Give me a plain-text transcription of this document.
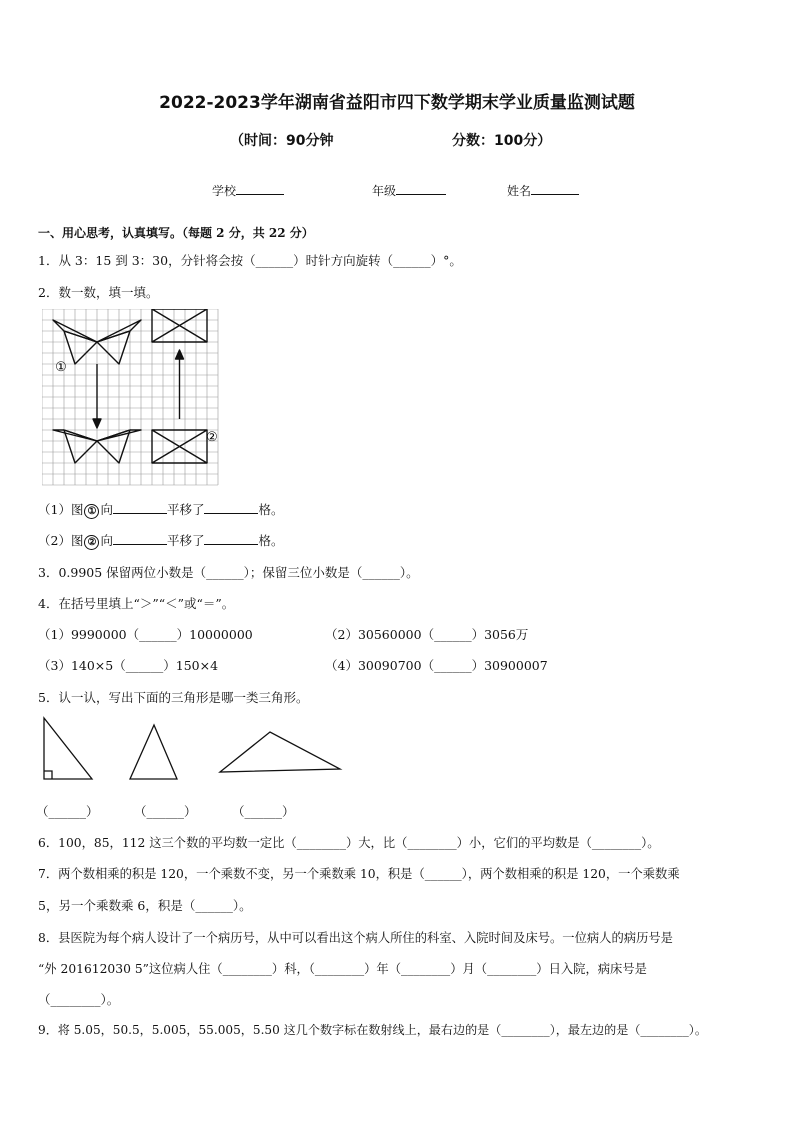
2022-2023学年湖南省益阳市四下数学期末学业质量监测试题
（时间：90分钟	分数：100分）
学校	年级	姓名
一、用心思考，认真填写。（每题 2 分，共 22 分）
1．从 3：15 到 3：30，分针将会按（______）时针方向旋转（______）°。
2．数一数，填一填。
①
②
（1）图 ① 向	平移了	格。
（2）图 ② 向	平移了	格。
3．0.9905 保留两位小数是（______）；保留三位小数是（______）。
4．在括号里填上“＞”“＜”或“＝”。
（1）9990000（______）10000000	（2）30560000（______）3056万
（3）140×5（______）150×4	（4）30090700（______）30900007
5．认一认，写出下面的三角形是哪一类三角形。
（______）	（______）	（______）
6．100，85，112 这三个数的平均数一定比（________）大，比（________）小，它们的平均数是（________）。
7．两个数相乘的积是 120，一个乘数不变，另一个乘数乘 10，积是（______），两个数相乘的积是 120，一个乘数乘
5，另一个乘数乘 6，积是（______）。
8．县医院为每个病人设计了一个病历号，从中可以看出这个病人所住的科室、入院时间及床号。一位病人的病历号是
“外 201612030 5”这位病人住（________）科，（________）年（________）月（________）日入院，病床号是
（________）。
9．将 5.05，50.5，5.005，55.005，5.50 这几个数字标在数射线上，最右边的是（________），最左边的是（________）。
